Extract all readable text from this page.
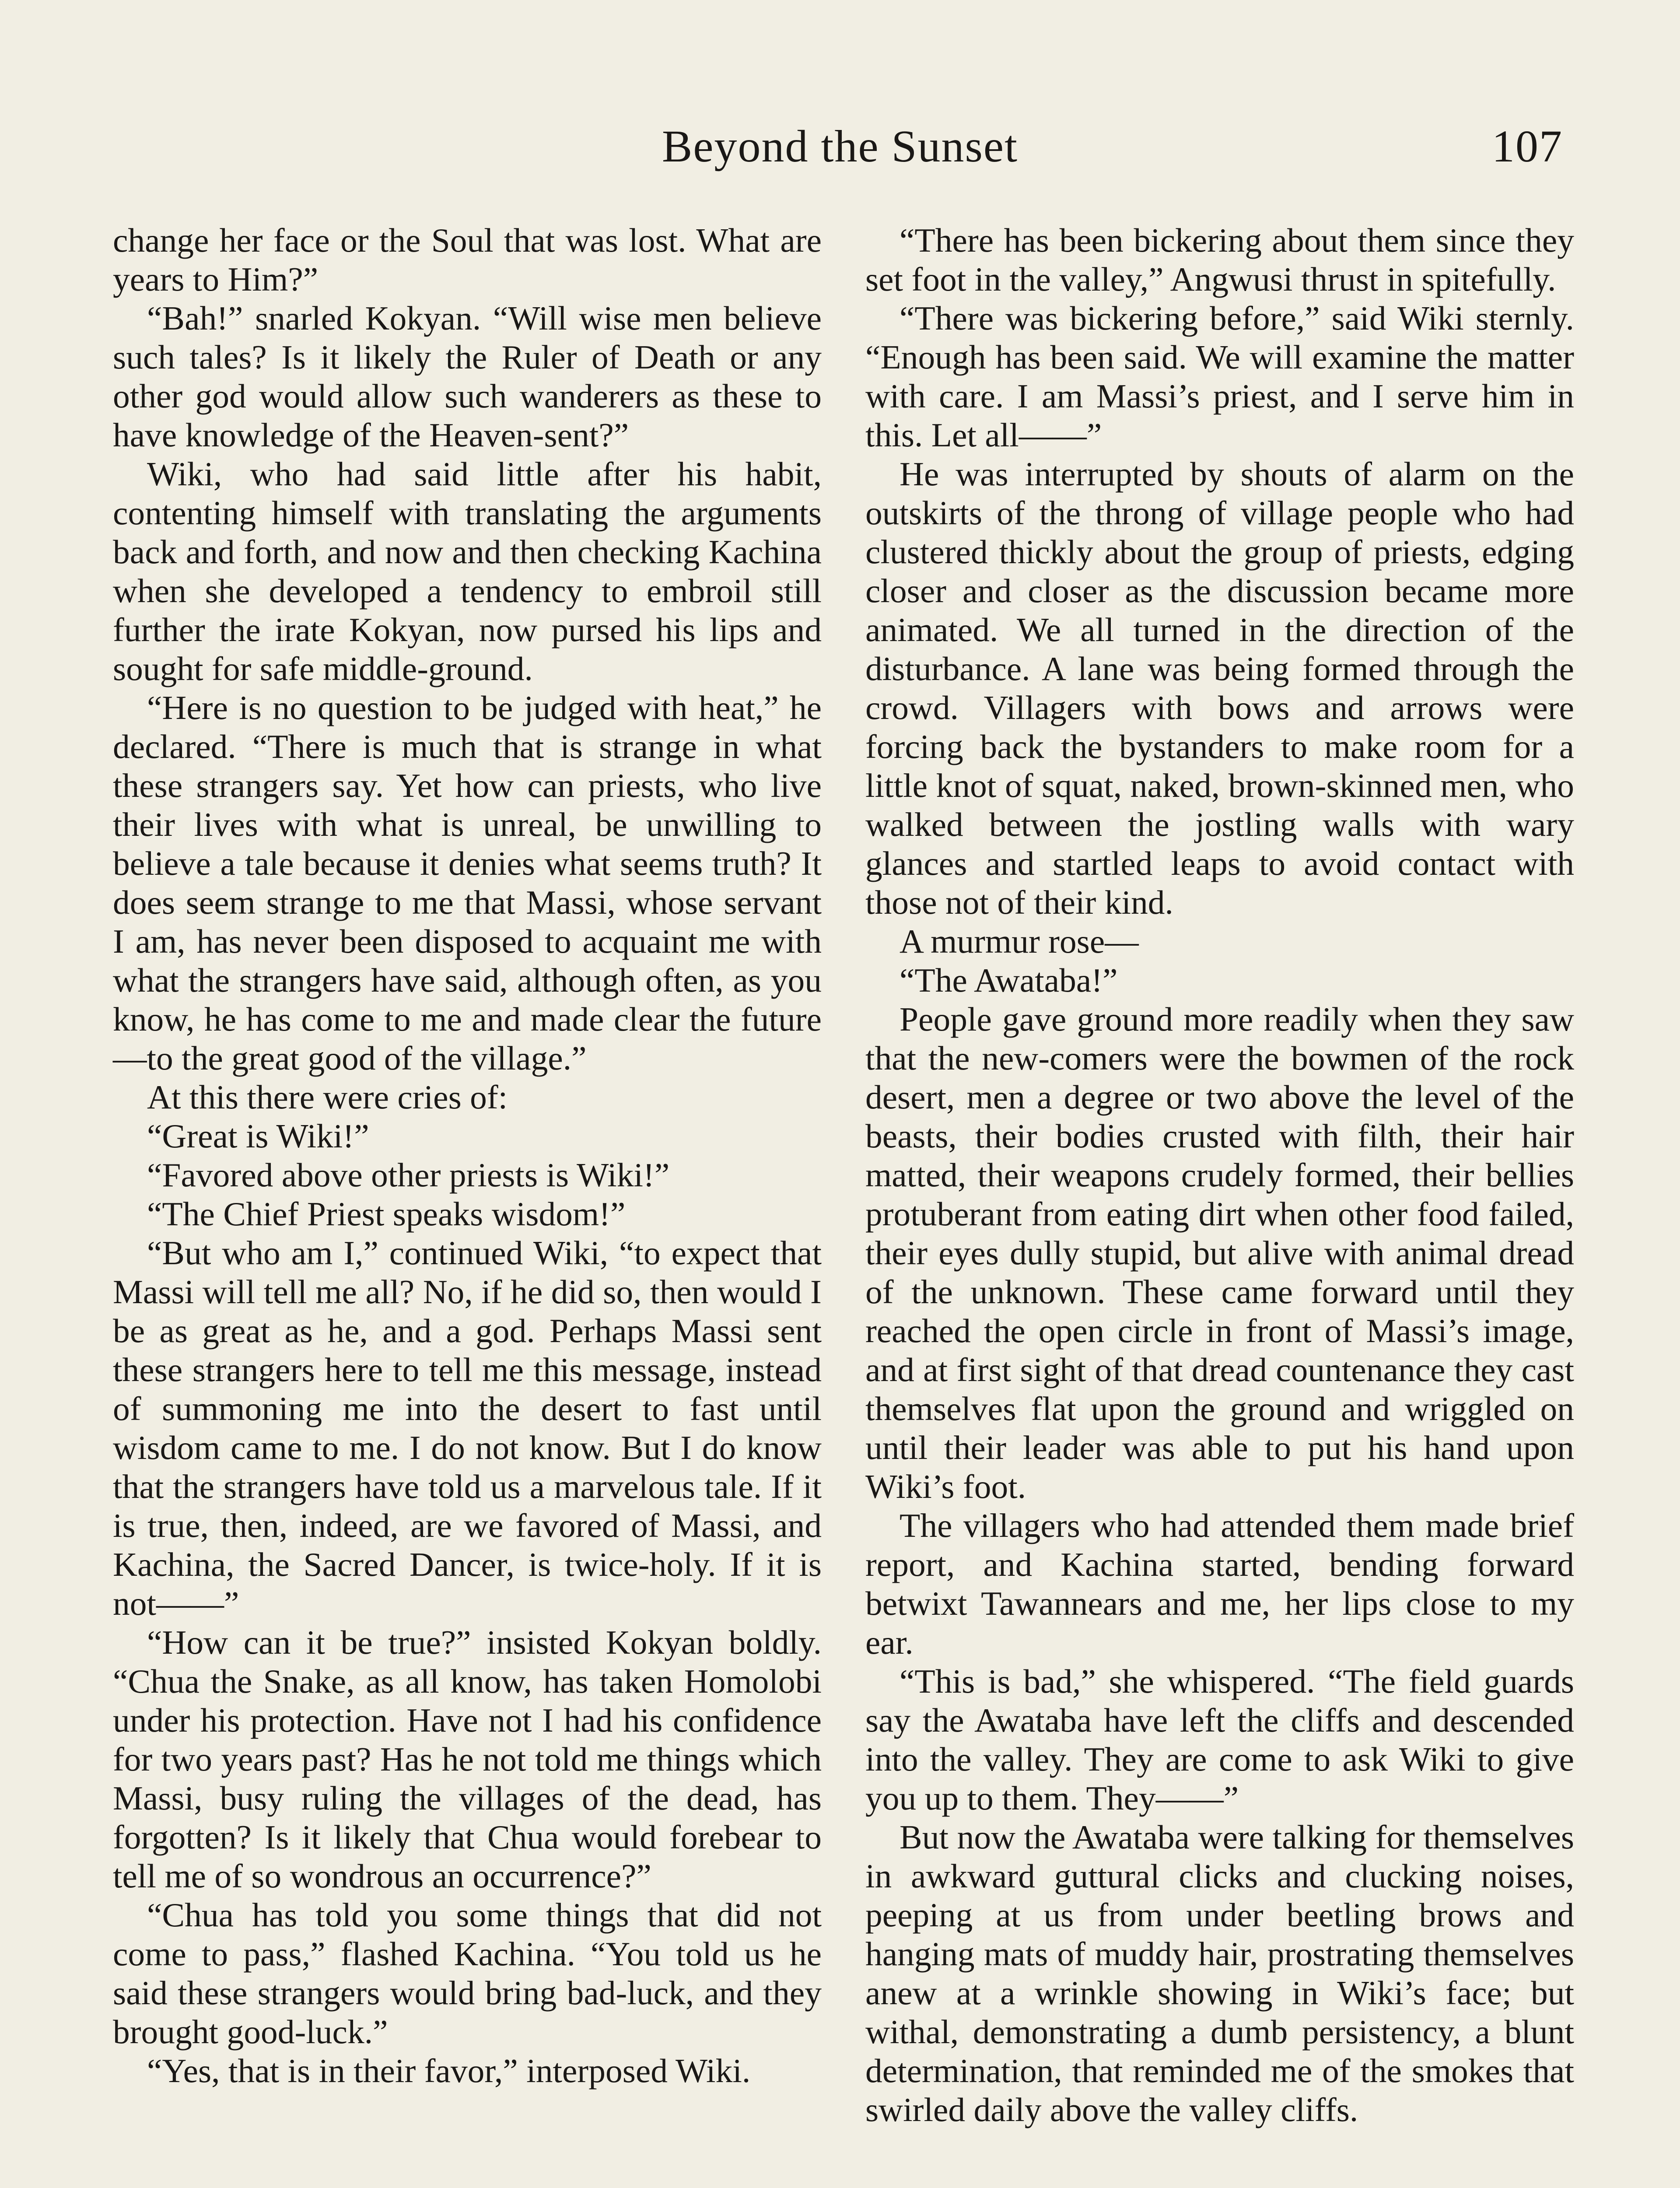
Beyond the Sunset	107

change her face or the Soul that was lost. What are years to Him?”

“Bah!” snarled Kokyan. “Will wise men believe such tales? Is it likely the Ruler of Death or any other god would allow such wanderers as these to have knowledge of the Heaven-sent?”

Wiki, who had said little after his habit, contenting himself with translating the arguments back and forth, and now and then checking Kachina when she developed a tendency to embroil still further the irate Kokyan, now pursed his lips and sought for safe middle-ground.

“Here is no question to be judged with heat,” he declared. “There is much that is strange in what these strangers say. Yet how can priests, who live their lives with what is unreal, be unwilling to believe a tale because it denies what seems truth? It does seem strange to me that Massi, whose servant I am, has never been disposed to acquaint me with what the strangers have said, although often, as you know, he has come to me and made clear the future—to the great good of the village.”

At this there were cries of:

“Great is Wiki!”

“Favored above other priests is Wiki!”

“The Chief Priest speaks wisdom!”

“But who am I,” continued Wiki, “to expect that Massi will tell me all? No, if he did so, then would I be as great as he, and a god. Perhaps Massi sent these strangers here to tell me this message, instead of summoning me into the desert to fast until wisdom came to me. I do not know. But I do know that the strangers have told us a marvelous tale. If it is true, then, indeed, are we favored of Massi, and Kachina, the Sacred Dancer, is twice-holy. If it is not——”

“How can it be true?” insisted Kokyan boldly. “Chua the Snake, as all know, has taken Homolobi under his protection. Have not I had his confidence for two years past? Has he not told me things which Massi, busy ruling the villages of the dead, has forgotten? Is it likely that Chua would forebear to tell me of so wondrous an occurrence?”

“Chua has told you some things that did not come to pass,” flashed Kachina. “You told us he said these strangers would bring bad-luck, and they brought good-luck.”

“Yes, that is in their favor,” interposed Wiki.

“There has been bickering about them since they set foot in the valley,” Angwusi thrust in spitefully.

“There was bickering before,” said Wiki sternly. “Enough has been said. We will examine the matter with care. I am Massi’s priest, and I serve him in this. Let all——”

He was interrupted by shouts of alarm on the outskirts of the throng of village people who had clustered thickly about the group of priests, edging closer and closer as the discussion became more animated. We all turned in the direction of the disturbance. A lane was being formed through the crowd. Villagers with bows and arrows were forcing back the bystanders to make room for a little knot of squat, naked, brown-skinned men, who walked between the jostling walls with wary glances and startled leaps to avoid contact with those not of their kind.

A murmur rose—

“The Awataba!”

People gave ground more readily when they saw that the new-comers were the bowmen of the rock desert, men a degree or two above the level of the beasts, their bodies crusted with filth, their hair matted, their weapons crudely formed, their bellies protuberant from eating dirt when other food failed, their eyes dully stupid, but alive with animal dread of the unknown. These came forward until they reached the open circle in front of Massi’s image, and at first sight of that dread countenance they cast themselves flat upon the ground and wriggled on until their leader was able to put his hand upon Wiki’s foot.

The villagers who had attended them made brief report, and Kachina started, bending forward betwixt Tawannears and me, her lips close to my ear.

“This is bad,” she whispered. “The field guards say the Awataba have left the cliffs and descended into the valley. They are come to ask Wiki to give you up to them. They——”

But now the Awataba were talking for themselves in awkward guttural clicks and clucking noises, peeping at us from under beetling brows and hanging mats of muddy hair, prostrating themselves anew at a wrinkle showing in Wiki’s face; but withal, demonstrating a dumb persistency, a blunt determination, that reminded me of the smokes that swirled daily above the valley cliffs.
